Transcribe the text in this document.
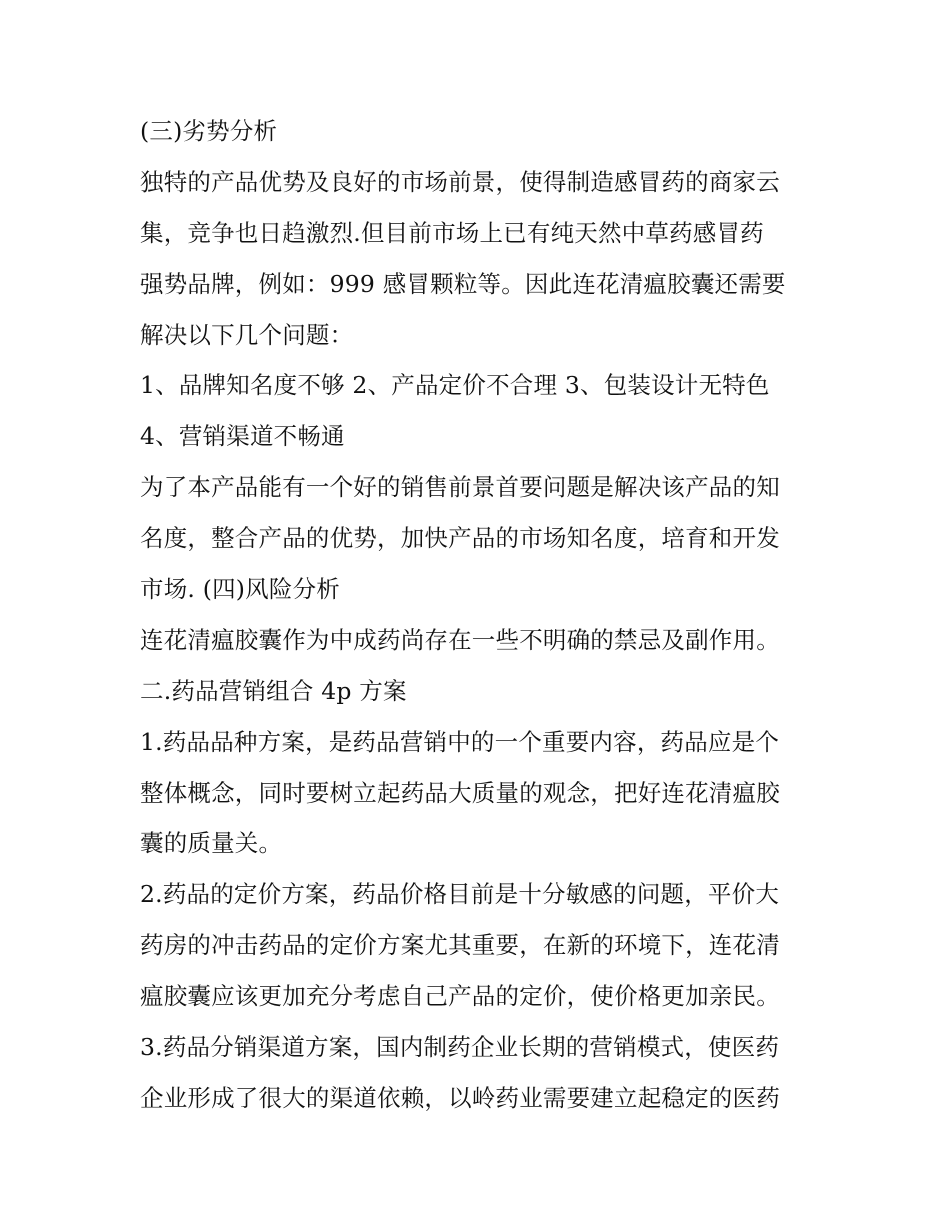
(三)劣势分析
独特的产品优势及良好的市场前景，使得制造感冒药的商家云
集，竞争也日趋激烈.但目前市场上已有纯天然中草药感冒药
强势品牌，例如：999 感冒颗粒等。因此连花清瘟胶囊还需要
解决以下几个问题：
1、品牌知名度不够 2、产品定价不合理 3、包装设计无特色
4、营销渠道不畅通
为了本产品能有一个好的销售前景首要问题是解决该产品的知
名度，整合产品的优势，加快产品的市场知名度，培育和开发
市场. (四)风险分析
连花清瘟胶囊作为中成药尚存在一些不明确的禁忌及副作用。
二.药品营销组合 4p 方案
1.药品品种方案，是药品营销中的一个重要内容，药品应是个
整体概念，同时要树立起药品大质量的观念，把好连花清瘟胶
囊的质量关。
2.药品的定价方案，药品价格目前是十分敏感的问题，平价大
药房的冲击药品的定价方案尤其重要，在新的环境下，连花清
瘟胶囊应该更加充分考虑自己产品的定价，使价格更加亲民。
3.药品分销渠道方案，国内制药企业长期的营销模式，使医药
企业形成了很大的渠道依赖，以岭药业需要建立起稳定的医药
